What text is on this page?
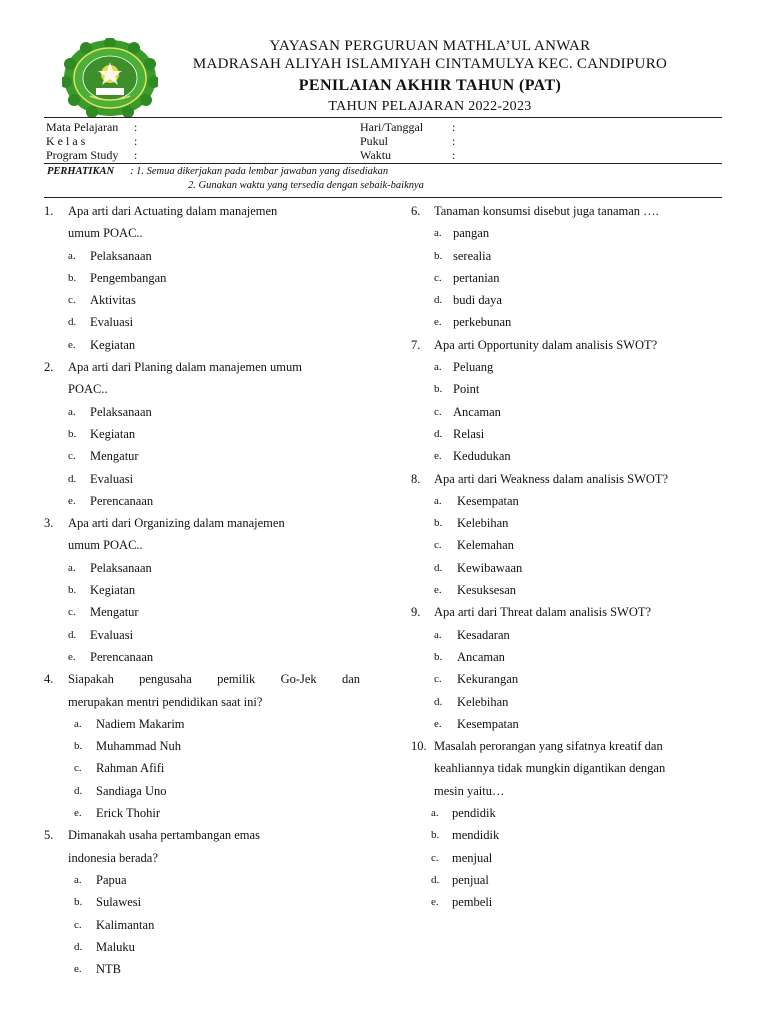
YAYASAN PERGURUAN MATHLA’UL ANWAR
MADRASAH ALIYAH ISLAMIYAH CINTAMULYA KEC. CANDIPURO
PENILAIAN AKHIR TAHUN (PAT)
TAHUN PELAJARAN 2022-2023
Mata Pelajaran :
K e l a s	:
Program Study :
Hari/Tanggal :
Pukul	:
Waktu	:
PERHATIKAN : 1. Semua dikerjakan pada lembar jawaban yang disediakan
2. Gunakan waktu yang tersedia dengan sebaik-baiknya
1. Apa arti dari Actuating dalam manajemen
umum POAC..
a. Pelaksanaan
b. Pengembangan
c. Aktivitas
d. Evaluasi
e. Kegiatan
2. Apa arti dari Planing dalam manajemen umum
POAC..
a. Pelaksanaan
b. Kegiatan
c. Mengatur
d. Evaluasi
e. Perencanaan
3. Apa arti dari Organizing dalam manajemen
umum POAC..
a. Pelaksanaan
b. Kegiatan
c. Mengatur
d. Evaluasi
e. Perencanaan
4. Siapakah pengusaha pemilik Go-Jek dan
merupakan mentri pendidikan saat ini?
a. Nadiem Makarim
b. Muhammad Nuh
c. Rahman Afifi
d. Sandiaga Uno
e. Erick Thohir
5. Dimanakah usaha pertambangan emas
indonesia berada?
a. Papua
b. Sulawesi
c. Kalimantan
d. Maluku
e. NTB
6. Tanaman konsumsi disebut juga tanaman ….
a. pangan
b. serealia
c. pertanian
d. budi daya
e. perkebunan
7. Apa arti Opportunity dalam analisis SWOT?
a. Peluang
b. Point
c. Ancaman
d. Relasi
e. Kedudukan
8. Apa arti dari Weakness dalam analisis SWOT?
a. Kesempatan
b. Kelebihan
c. Kelemahan
d. Kewibawaan
e. Kesuksesan
9. Apa arti dari Threat dalam analisis SWOT?
a. Kesadaran
b. Ancaman
c. Kekurangan
d. Kelebihan
e. Kesempatan
10. Masalah perorangan yang sifatnya kreatif dan
keahliannya tidak mungkin digantikan dengan
mesin yaitu…
a. pendidik
b. mendidik
c. menjual
d. penjual
e. pembeli
